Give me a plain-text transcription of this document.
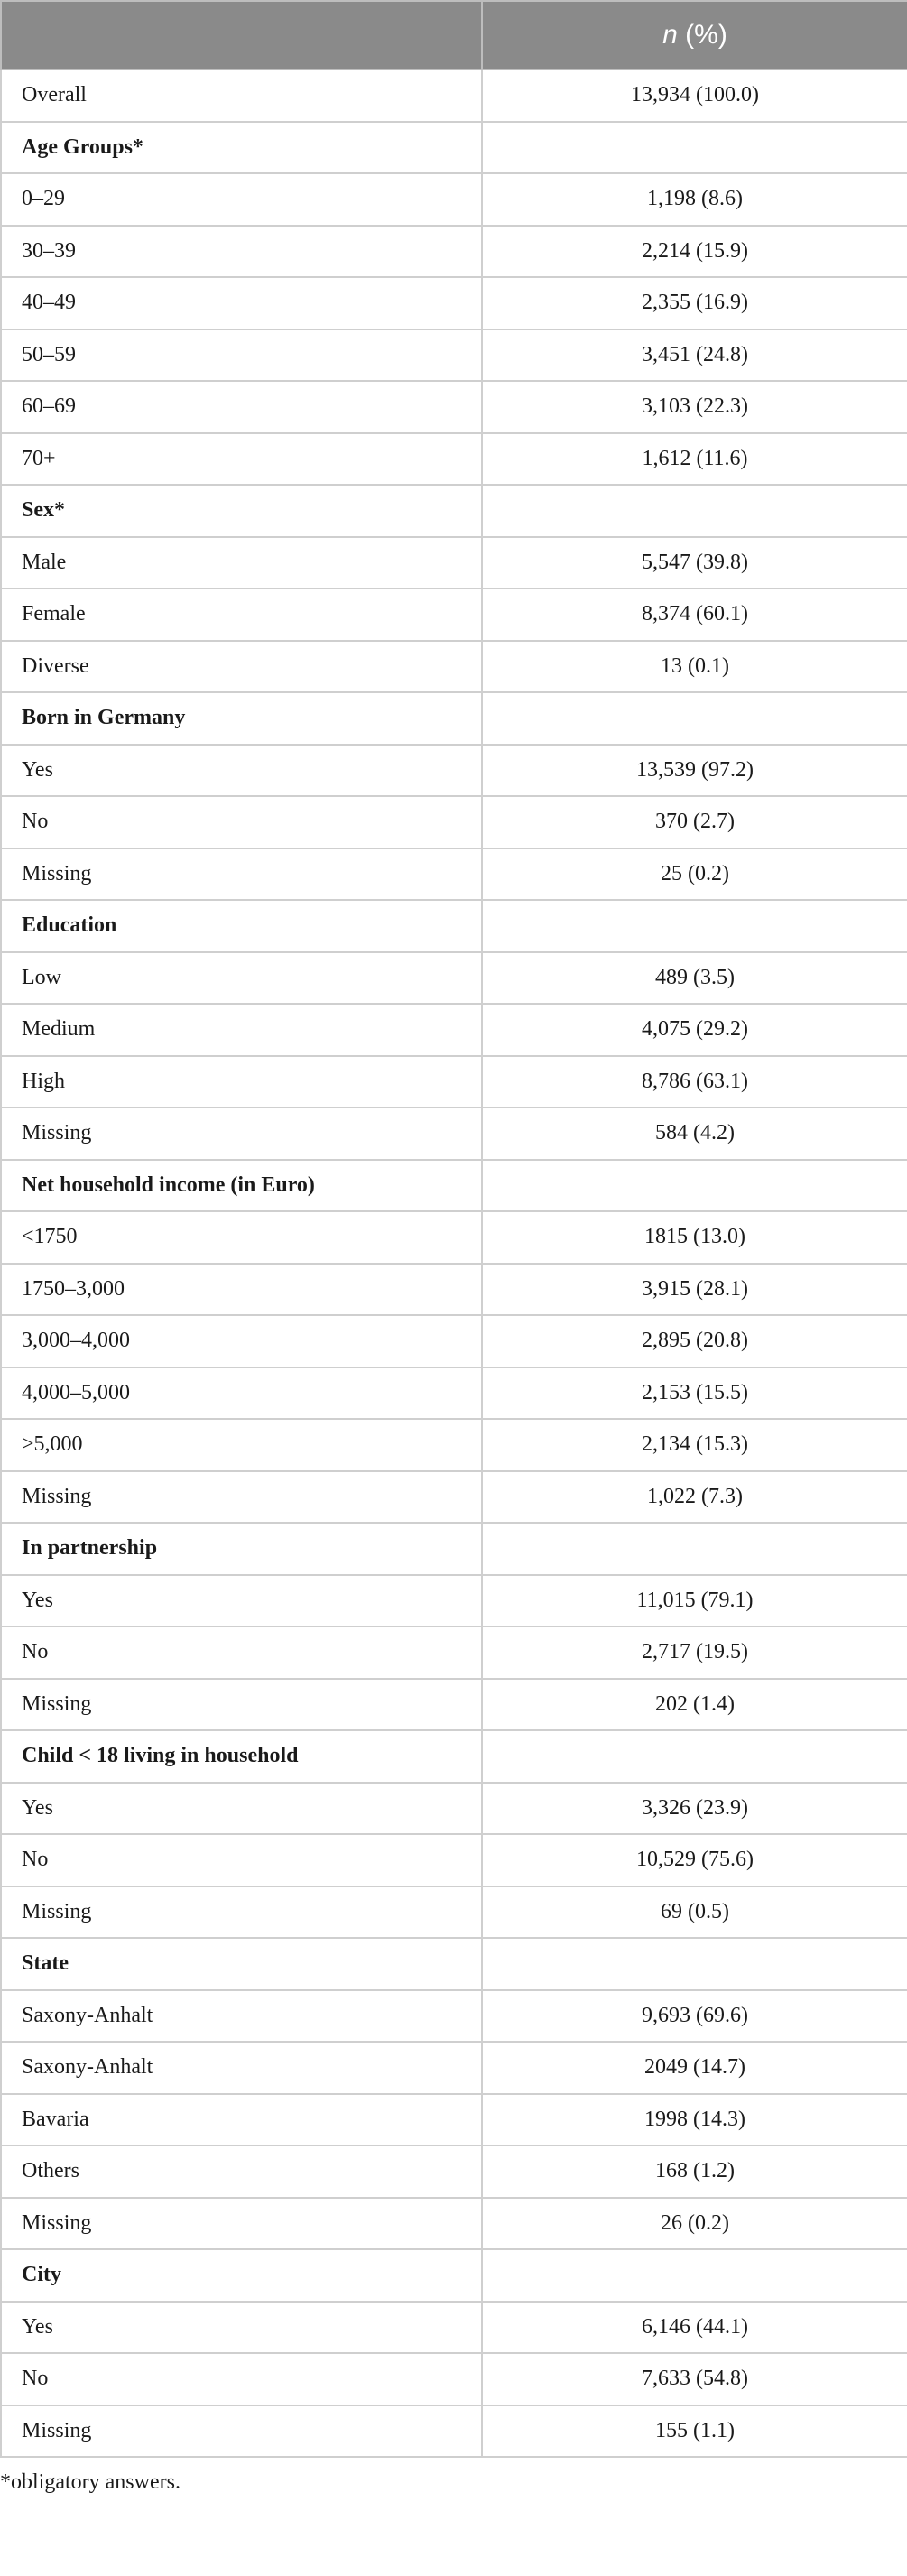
	n (%)
Overall	13,934 (100.0)
Age Groups*	
0–29	1,198 (8.6)
30–39	2,214 (15.9)
40–49	2,355 (16.9)
50–59	3,451 (24.8)
60–69	3,103 (22.3)
70+	1,612 (11.6)
Sex*	
Male	5,547 (39.8)
Female	8,374 (60.1)
Diverse	13 (0.1)
Born in Germany	
Yes	13,539 (97.2)
No	370 (2.7)
Missing	25 (0.2)
Education	
Low	489 (3.5)
Medium	4,075 (29.2)
High	8,786 (63.1)
Missing	584 (4.2)
Net household income (in Euro)	
<1750	1815 (13.0)
1750–3,000	3,915 (28.1)
3,000–4,000	2,895 (20.8)
4,000–5,000	2,153 (15.5)
>5,000	2,134 (15.3)
Missing	1,022 (7.3)
In partnership	
Yes	11,015 (79.1)
No	2,717 (19.5)
Missing	202 (1.4)
Child < 18 living in household	
Yes	3,326 (23.9)
No	10,529 (75.6)
Missing	69 (0.5)
State	
Saxony-Anhalt	9,693 (69.6)
Saxony-Anhalt	2049 (14.7)
Bavaria	1998 (14.3)
Others	168 (1.2)
Missing	26 (0.2)
City	
Yes	6,146 (44.1)
No	7,633 (54.8)
Missing	155 (1.1)
*obligatory answers.
